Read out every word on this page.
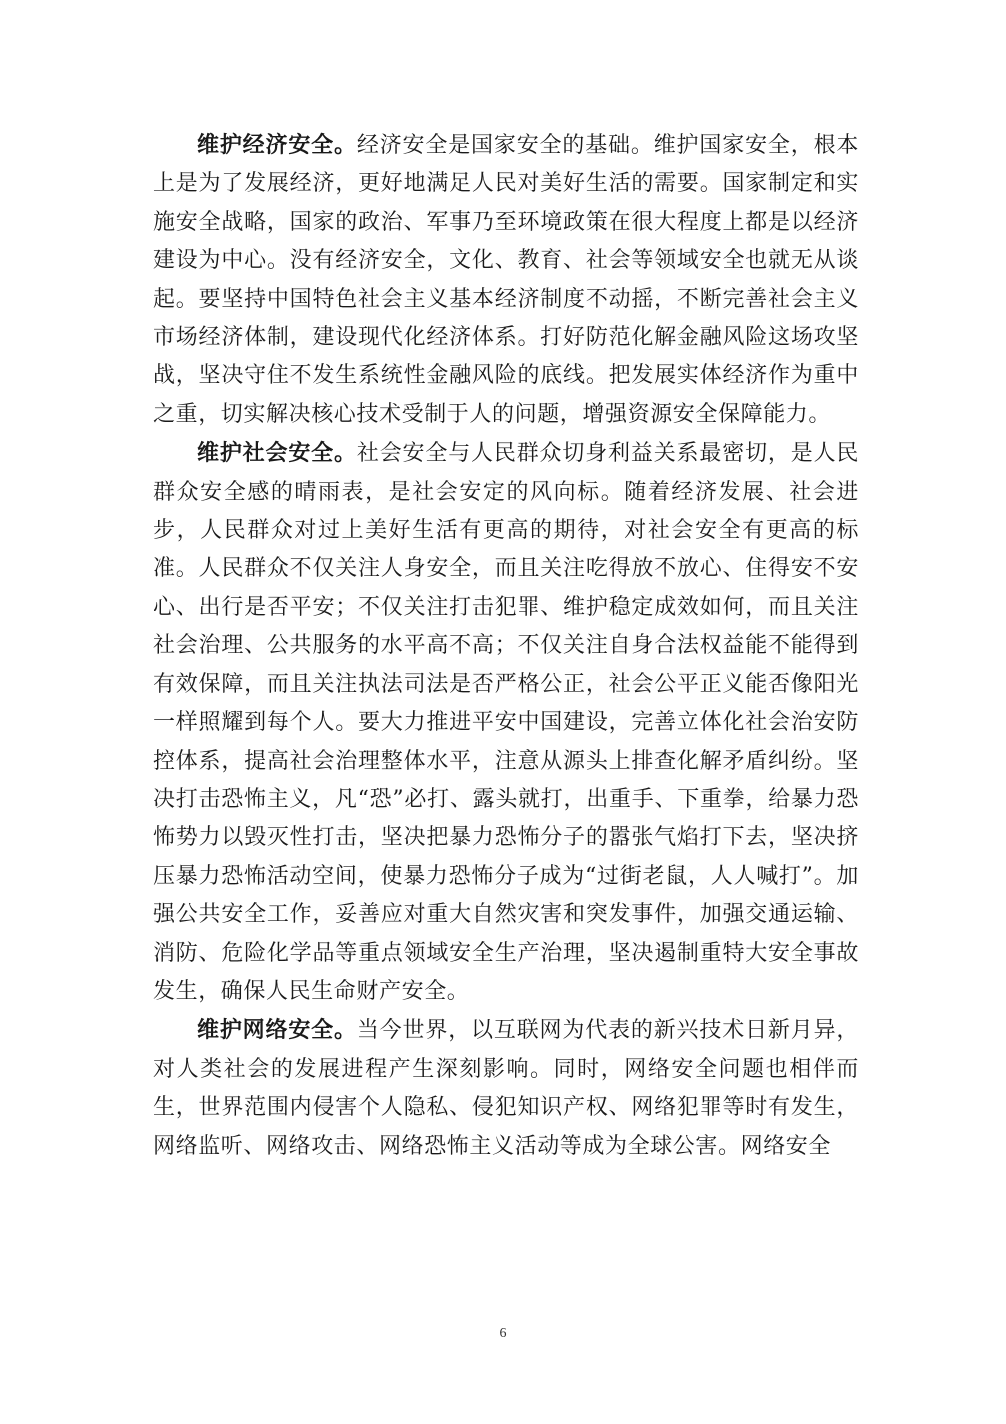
维护经济安全。经济安全是国家安全的基础。维护国家安全，根本上是为了发展经济，更好地满足人民对美好生活的需要。国家制定和实施安全战略，国家的政治、军事乃至环境政策在很大程度上都是以经济建设为中心。没有经济安全，文化、教育、社会等领域安全也就无从谈起。要坚持中国特色社会主义基本经济制度不动摇，不断完善社会主义市场经济体制，建设现代化经济体系。打好防范化解金融风险这场攻坚战，坚决守住不发生系统性金融风险的底线。把发展实体经济作为重中之重，切实解决核心技术受制于人的问题，增强资源安全保障能力。

维护社会安全。社会安全与人民群众切身利益关系最密切，是人民群众安全感的晴雨表，是社会安定的风向标。随着经济发展、社会进步，人民群众对过上美好生活有更高的期待，对社会安全有更高的标准。人民群众不仅关注人身安全，而且关注吃得放不放心、住得安不安心、出行是否平安；不仅关注打击犯罪、维护稳定成效如何，而且关注社会治理、公共服务的水平高不高；不仅关注自身合法权益能不能得到有效保障，而且关注执法司法是否严格公正，社会公平正义能否像阳光一样照耀到每个人。要大力推进平安中国建设，完善立体化社会治安防控体系，提高社会治理整体水平，注意从源头上排查化解矛盾纠纷。坚决打击恐怖主义，凡“恐”必打、露头就打，出重手、下重拳，给暴力恐怖势力以毁灭性打击，坚决把暴力恐怖分子的嚣张气焰打下去，坚决挤压暴力恐怖活动空间，使暴力恐怖分子成为“过街老鼠，人人喊打”。加强公共安全工作，妥善应对重大自然灾害和突发事件，加强交通运输、消防、危险化学品等重点领域安全生产治理，坚决遏制重特大安全事故发生，确保人民生命财产安全。

维护网络安全。当今世界，以互联网为代表的新兴技术日新月异，对人类社会的发展进程产生深刻影响。同时，网络安全问题也相伴而生，世界范围内侵害个人隐私、侵犯知识产权、网络犯罪等时有发生，网络监听、网络攻击、网络恐怖主义活动等成为全球公害。网络安全

6
